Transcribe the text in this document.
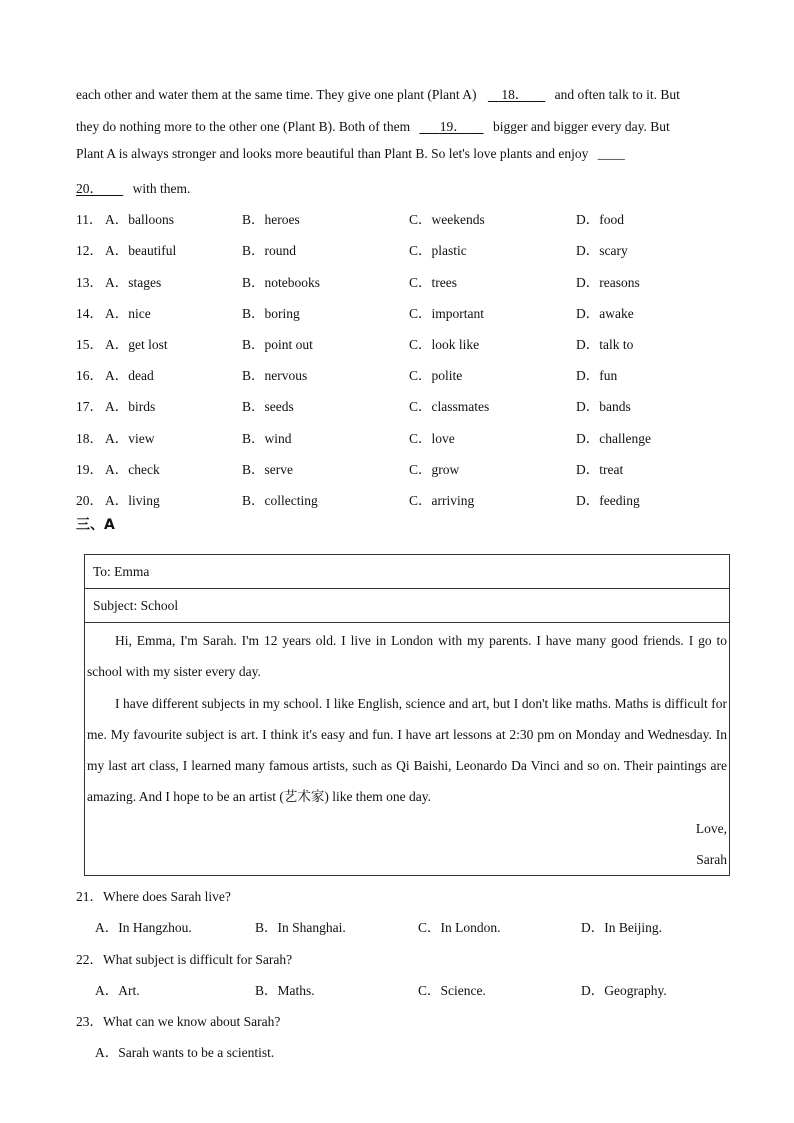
each other and water them at the same time. They give one plant (Plant A) 18． and often talk to it. But
they do nothing more to the other one (Plant B). Both of them 19． bigger and bigger every day. But
Plant A is always stronger and looks more beautiful than Plant B. So let's love plants and enjoy ____
20． with them.
11． A．balloons	B．heroes	C．weekends	D．food
12． A．beautiful	B．round	C．plastic	D．scary
13． A．stages	B．notebooks	C．trees	D．reasons
14． A．nice	B．boring	C．important	D．awake
15． A．get lost	B．point out	C．look like	D．talk to
16． A．dead	B．nervous	C．polite	D．fun
17． A．birds	B．seeds	C．classmates	D．bands
18． A．view	B．wind	C．love	D．challenge
19． A．check	B．serve	C．grow	D．treat
20． A．living	B．collecting	C．arriving	D．feeding
三、A
To: Emma
Subject: School

Hi, Emma, I'm Sarah. I'm 12 years old. I live in London with my parents. I have many good friends. I go to school with my sister every day.

I have different subjects in my school. I like English, science and art, but I don't like maths. Maths is difficult for me. My favourite subject is art. I think it's easy and fun. I have art lessons at 2:30 pm on Monday and Wednesday. In my last art class, I learned many famous artists, such as Qi Baishi, Leonardo Da Vinci and so on. Their paintings are amazing. And I hope to be an artist (艺术家) like them one day.

Love,
Sarah
21．Where does Sarah live?
A．In Hangzhou.	B．In Shanghai.	C．In London.	D．In Beijing.
22．What subject is difficult for Sarah?
A．Art.	B．Maths.	C．Science.	D．Geography.
23．What can we know about Sarah?
A．Sarah wants to be a scientist.
